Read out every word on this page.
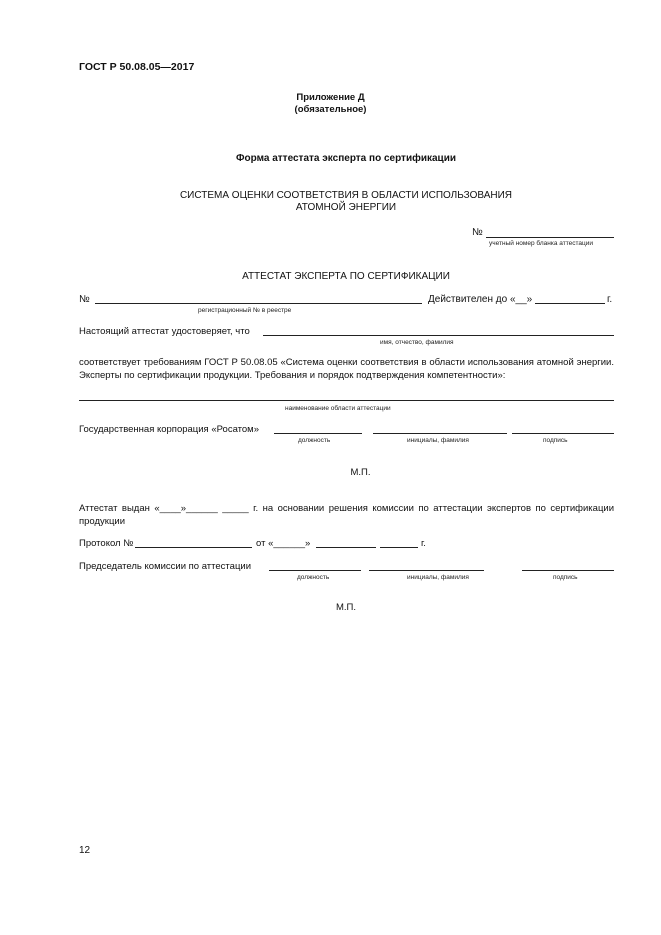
ГОСТ Р 50.08.05—2017
Приложение Д
(обязательное)
Форма аттестата эксперта по сертификации
СИСТЕМА ОЦЕНКИ СООТВЕТСТВИЯ В ОБЛАСТИ ИСПОЛЬЗОВАНИЯ
АТОМНОЙ ЭНЕРГИИ
№
учетный номер бланка аттестации
АТТЕСТАТ ЭКСПЕРТА ПО СЕРТИФИКАЦИИ
№
регистрационный № в реестре
Действителен до «__»	г.
Настоящий аттестат удостоверяет, что
имя, отчество, фамилия
соответствует требованиям ГОСТ Р 50.08.05 «Система оценки соответствия в области использования атомной энергии. Эксперты по сертификации продукции. Требования и порядок подтверждения компетентности»:
наименование области аттестации
Государственная корпорация «Росатом»
должность	инициалы, фамилия	подпись
М.П.
Аттестат выдан «____»______ _____ г. на основании решения комиссии по аттестации экспертов по сертификации продукции
Протокол №	от «______»	г.
Председатель комиссии по аттестации
должность	инициалы, фамилия	подпись
М.П.
12
